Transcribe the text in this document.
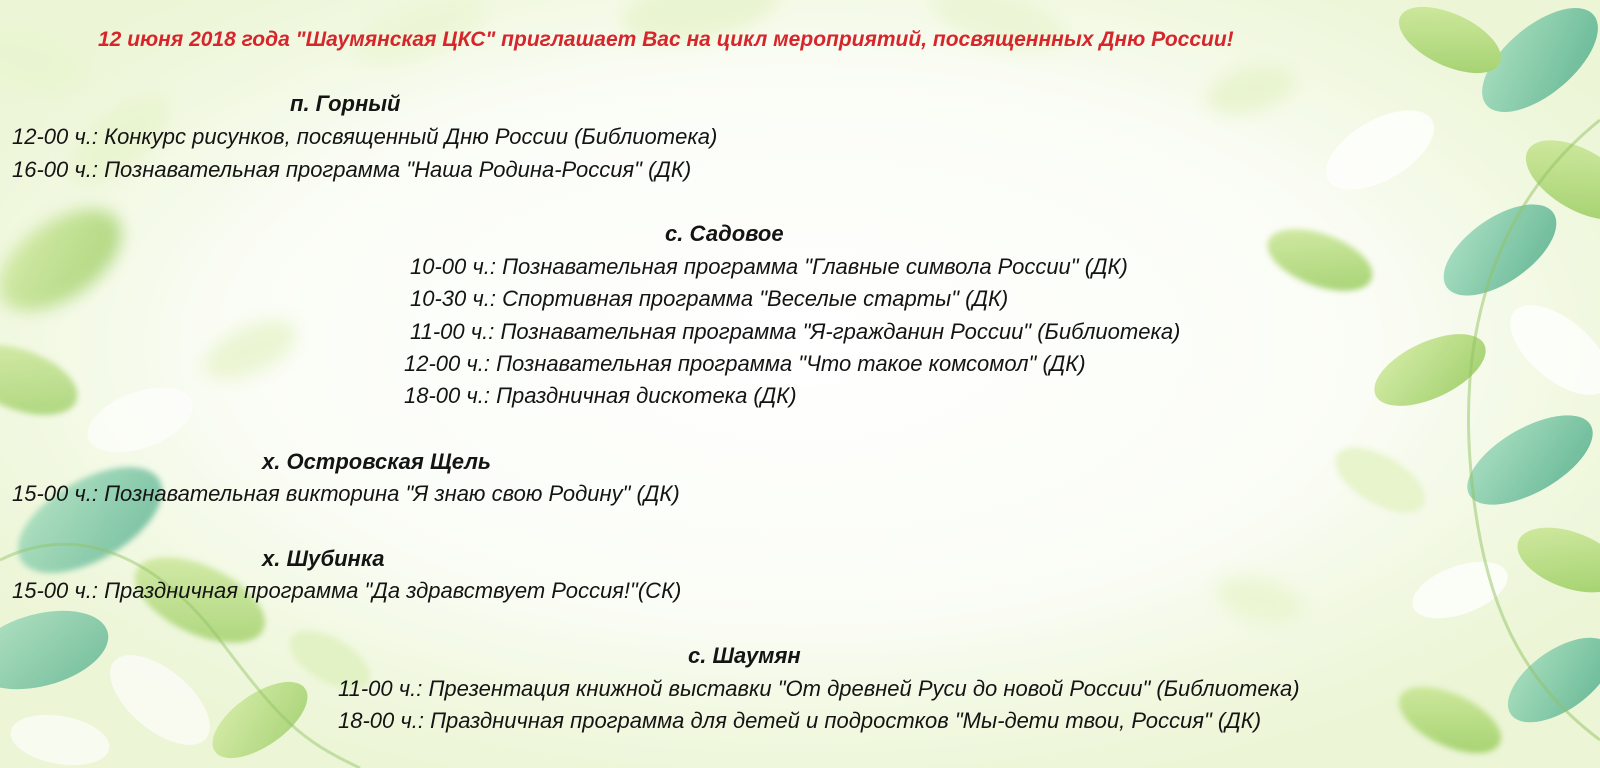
12 июня 2018 года "Шаумянская ЦКС" приглашает Вас на цикл мероприятий, посвященнных Дню России!
п. Горный
12-00 ч.: Конкурс рисунков, посвященный Дню России (Библиотека)
16-00 ч.: Познавательная программа "Наша Родина-Россия" (ДК)
с. Садовое
10-00 ч.: Познавательная программа "Главные символа России" (ДК)
10-30 ч.: Спортивная программа "Веселые старты" (ДК)
11-00 ч.: Познавательная программа "Я-гражданин России" (Библиотека)
12-00 ч.: Познавательная программа "Что такое комсомол" (ДК)
18-00 ч.: Праздничная дискотека (ДК)
х. Островская Щель
15-00 ч.: Познавательная викторина "Я знаю свою Родину" (ДК)
х. Шубинка
15-00 ч.: Праздничная программа "Да здравствует Россия!"(СК)
с. Шаумян
11-00 ч.: Презентация книжной выставки "От древней Руси до новой России" (Библиотека)
18-00 ч.: Праздничная программа для детей и подростков "Мы-дети твои, Россия" (ДК)
